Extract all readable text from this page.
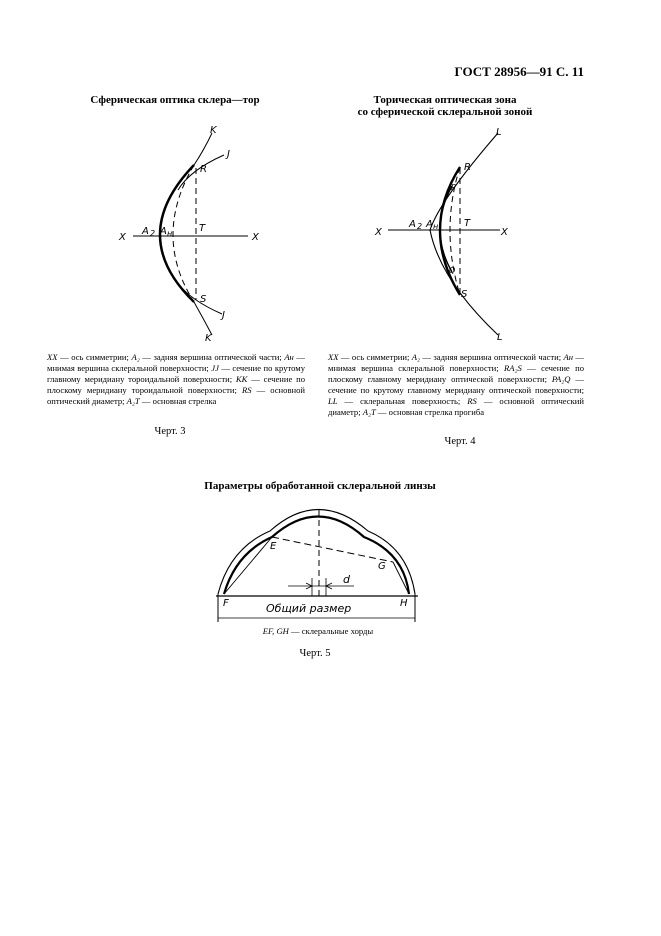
ГОСТ 28956—91 С. 11
Сферическая оптика склера—тор	Торическая оптическая зона
со сферической склеральной зоной
K
J
R
X	X
A 2 A н	T
S
J
K
L
R
P
X	X
A 2 A н	T
Q
S
L
E
G
F	H
d
Общий размер
XX — ось симметрии; A₂ — задняя вершина оптической части; Aн — мнимая вершина склеральной поверхности; JJ — сечение по крутому главному меридиану тороидальной поверхности; KK — сечение по плоскому меридиану тороидальной поверхности; RS — основной оптический диаметр; A₂T — основная стрелка
Черт. 3
XX — ось симметрии; A₂ — задняя вершина оптической части; Aн — мнимая вершина склеральной поверхности; RA₂S — сечение по плоскому главному меридиану оптической поверхности; PA₂Q — сечение по крутому главному меридиану оптической поверхности; LL — склеральная поверхность; RS — основной оптический диаметр; A₂T — основная стрелка прогиба
Черт. 4
Параметры обработанной склеральной линзы
EF, GH — склеральные хорды
Черт. 5
